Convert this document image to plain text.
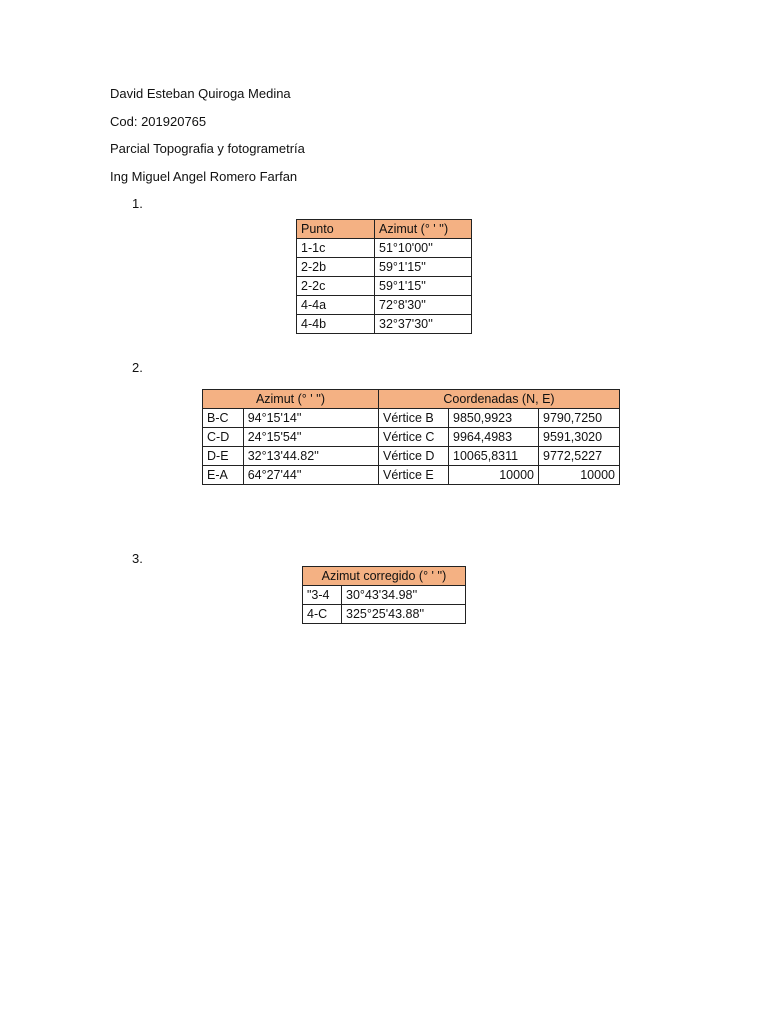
David Esteban Quiroga Medina
Cod: 201920765
Parcial Topografia y fotogrametría
Ing Miguel Angel Romero Farfan
1.
Punto	Azimut (° ' '')
1-1c	51°10'00''
2-2b	59°1'15''
2-2c	59°1'15''
4-4a	72°8'30''
4-4b	32°37'30''
2.
Azimut (° ' '')		Coordenadas (N, E)		
B-C	94°15'14''	Vértice B	9850,9923	9790,7250
C-D	24°15'54''	Vértice C	9964,4983	9591,3020
D-E	32°13'44.82''	Vértice D	10065,8311	9772,5227
E-A	64°27'44''	Vértice E	10000	10000
3.
Azimut corregido (° ' '')	
"3-4	30°43'34.98''
4-C	325°25'43.88''
